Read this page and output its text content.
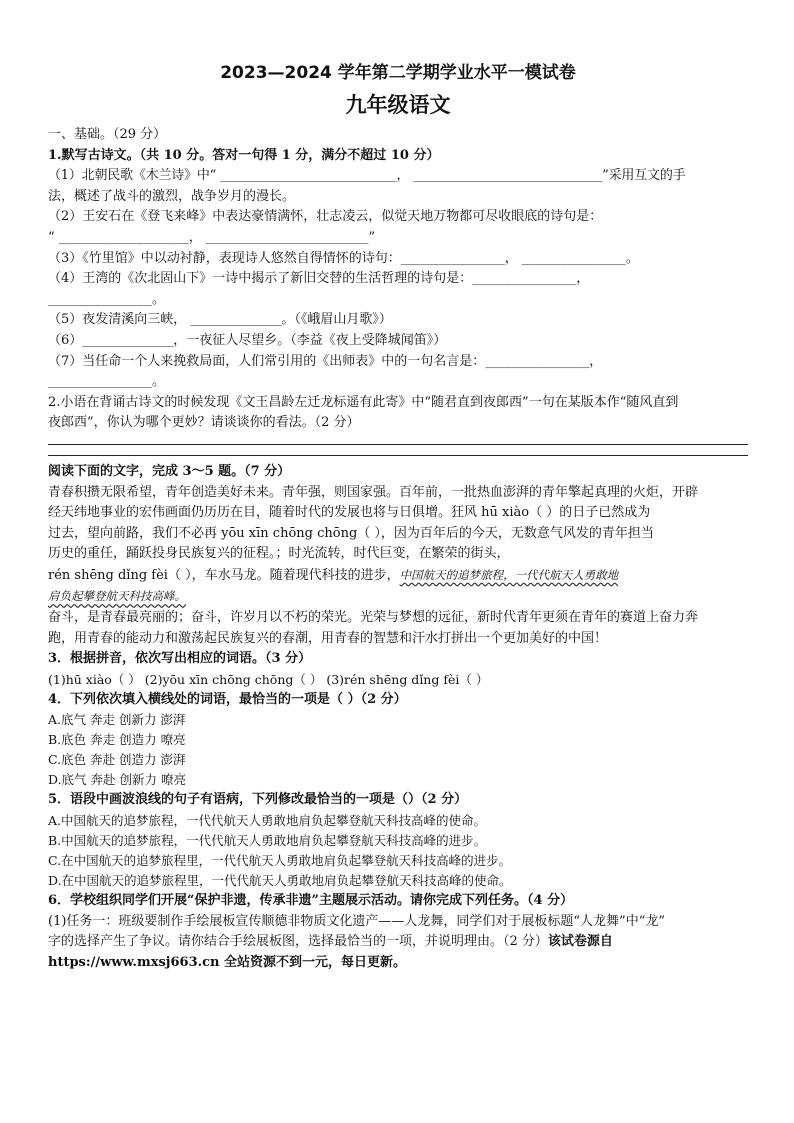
2023—2024 学年第二学期学业水平一模试卷
九年级语文

一、基础。（29 分）

1.默写古诗文。（共 10 分。答对一句得 1 分，满分不超过 10 分）

（1）北朝民歌《木兰诗》中“ ____________________________， ______________________________”采用互文的手

法，概述了战斗的激烈，战争岁月的漫长。

（2）王安石在《登飞来峰》中表达豪情满怀，壮志凌云，似觉天地万物都可尽收眼底的诗句是：

“ ____________________， _________________________”

（3）《竹里馆》中以动衬静，表现诗人悠然自得情怀的诗句：________________， ________________。

（4）王湾的《次北固山下》一诗中揭示了新旧交替的生活哲理的诗句是：________________，

________________。

（5）夜发清溪向三峡， ______________。（《峨眉山月歌》）

（6）______________，一夜征人尽望乡。（李益《夜上受降城闻笛》）

（7）当任命一个人来挽救局面，人们常引用的《出师表》中的一句名言是：________________，

________________。

2.小语在背诵古诗文的时候发现《文王昌龄左迁龙标遥有此寄》中“随君直到夜郎西”一句在某版本作“随风直到

夜郎西”，你认为哪个更妙？请谈谈你的看法。（2 分）

阅读下面的文字，完成 3～5 题。（7 分）

青春积攒无限希望，青年创造美好未来。青年强，则国家强。百年前，一批热血澎湃的青年擎起真理的火炬，开辟

经天纬地事业的宏伟画面仍历历在目，随着时代的发展也将与日俱增。狂风 hū xiào（ ）的日子已然成为

过去，望向前路，我们不必再 yōu xīn chōng chōng（ ），因为百年后的今天，无数意气风发的青年担当

历史的重任，踊跃投身民族复兴的征程。；时光流转，时代巨变，在繁荣的街头，

rén shēng dǐng fèi（ ），车水马龙。随着现代科技的进步，中国航天的追梦旅程，一代代航天人勇敢地

肩负起攀登航天科技高峰。

奋斗，是青春最亮丽的；奋斗，许岁月以不朽的荣光。光荣与梦想的远征，新时代青年更须在青年的赛道上奋力奔

跑，用青春的能动力和激荡起民族复兴的春潮，用青春的智慧和汗水打拼出一个更加美好的中国！

3．根据拼音，依次写出相应的词语。（3 分）

(1)hū xiào（ ） (2)yōu xīn chōng chōng（ ） (3)rén shēng dǐng fèi（ ）

4．下列依次填入横线处的词语，最恰当的一项是（ ）（2 分）

A.底气 奔走 创新力 澎湃

B.底色 奔走 创造力 嘹亮

C.底色 奔赴 创造力 澎湃

D.底气 奔赴 创新力 嘹亮

5．语段中画波浪线的句子有语病，下列修改最恰当的一项是（）（2 分）

A.中国航天的追梦旅程，一代代航天人勇敢地肩负起攀登航天科技高峰的使命。

B.中国航天的追梦旅程，一代代航天人勇敢地肩负起攀登航天科技高峰的进步。

C.在中国航天的追梦旅程里，一代代航天人勇敢地肩负起攀登航天科技高峰的进步。

D.在中国航天的追梦旅程里，一代代航天人勇敢地肩负起攀登航天科技高峰的使命。

6．学校组织同学们开展“保护非遗，传承非遗”主题展示活动。请你完成下列任务。（4 分）

(1)任务一：班级要制作手绘展板宣传顺德非物质文化遗产——人龙舞，同学们对于展板标题“人龙舞”中“龙”

字的选择产生了争议。请你结合手绘展板图，选择最恰当的一项，并说明理由。（2 分）该试卷源自

https://www.mxsj663.cn 全站资源不到一元，每日更新。
